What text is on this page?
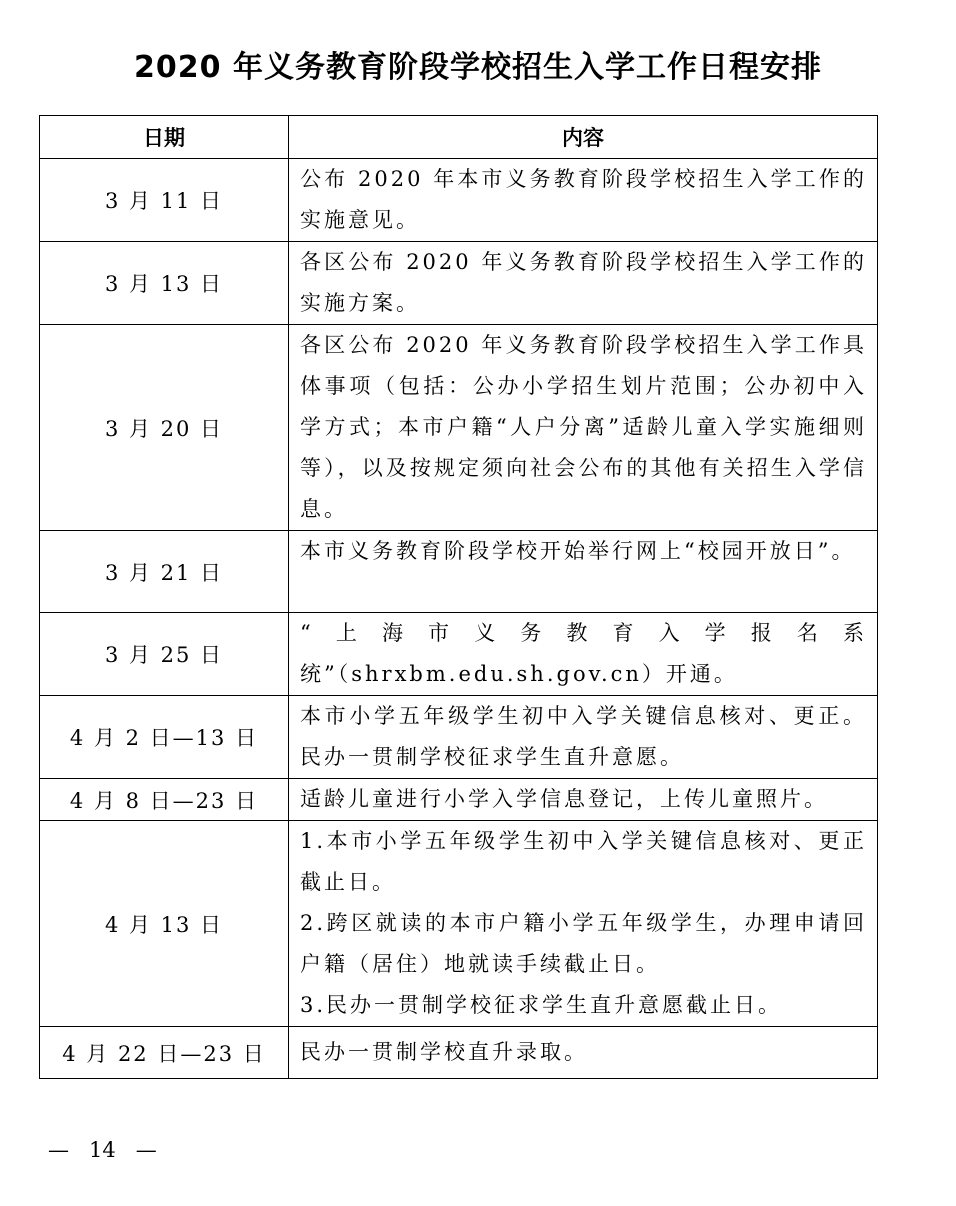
2020 年义务教育阶段学校招生入学工作日程安排
日期	内容
3 月 11 日	公布 2020 年本市义务教育阶段学校招生入学工作的实施意见。

3 月 13 日	各区公布 2020 年义务教育阶段学校招生入学工作的实施方案。

3 月 20 日	各区公布 2020 年义务教育阶段学校招生入学工作具体事项（包括：公办小学招生划片范围；公办初中入学方式；本市户籍“人户分离”适龄儿童入学实施细则等），以及按规定须向社会公布的其他有关招生入学信息。

3 月 21 日	本市义务教育阶段学校开始举行网上“校园开放日”。

3 月 25 日	“上海市义务教育入学报名系统”（shrxbm.edu.sh.gov.cn）开通。

4 月 2 日—13 日	本市小学五年级学生初中入学关键信息核对、更正。民办一贯制学校征求学生直升意愿。

4 月 8 日—23 日	适龄儿童进行小学入学信息登记，上传儿童照片。

4 月 13 日	1.本市小学五年级学生初中入学关键信息核对、更正截止日。
2.跨区就读的本市户籍小学五年级学生，办理申请回户籍（居住）地就读手续截止日。
3.民办一贯制学校征求学生直升意愿截止日。

4 月 22 日—23 日	民办一贯制学校直升录取。
—   14   —
